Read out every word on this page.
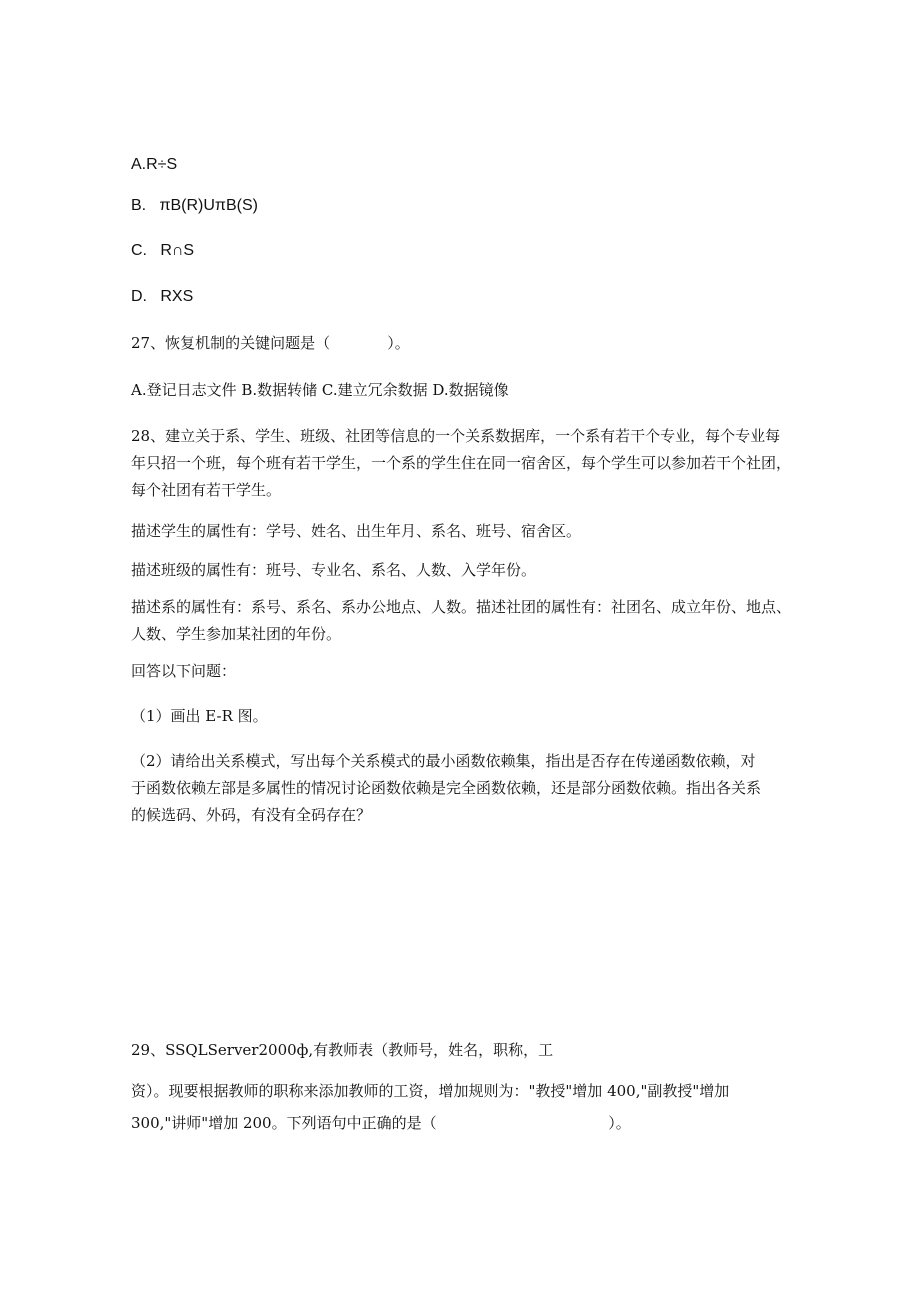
A.R÷S
B.   πB(R)UπB(S)
C.   R∩S
D.   RXS
27、恢复机制的关键问题是（            ）。
A.登记日志文件 B.数据转储 C.建立冗余数据 D.数据镜像
28、建立关于系、学生、班级、社团等信息的一个关系数据库，一个系有若干个专业，每个专业每
年只招一个班，每个班有若干学生，一个系的学生住在同一宿舍区，每个学生可以参加若干个社团，
每个社团有若干学生。
描述学生的属性有：学号、姓名、出生年月、系名、班号、宿舍区。
描述班级的属性有：班号、专业名、系名、人数、入学年份。
描述系的属性有：系号、系名、系办公地点、人数。描述社团的属性有：社团名、成立年份、地点、
人数、学生参加某社团的年份。
回答以下问题：
（1）画出 E-R 图。
（2）请给出关系模式，写出每个关系模式的最小函数依赖集，指出是否存在传递函数依赖，对
于函数依赖左部是多属性的情况讨论函数依赖是完全函数依赖，还是部分函数依赖。指出各关系
的候选码、外码，有没有全码存在？
29、SSQLServer2000ф,有教师表（教师号，姓名，职称，工
资）。现要根据教师的职称来添加教师的工资，增加规则为："教授"增加 400,"副教授"增加
300,"讲师"增加 200。下列语句中正确的是（                                    ）。
